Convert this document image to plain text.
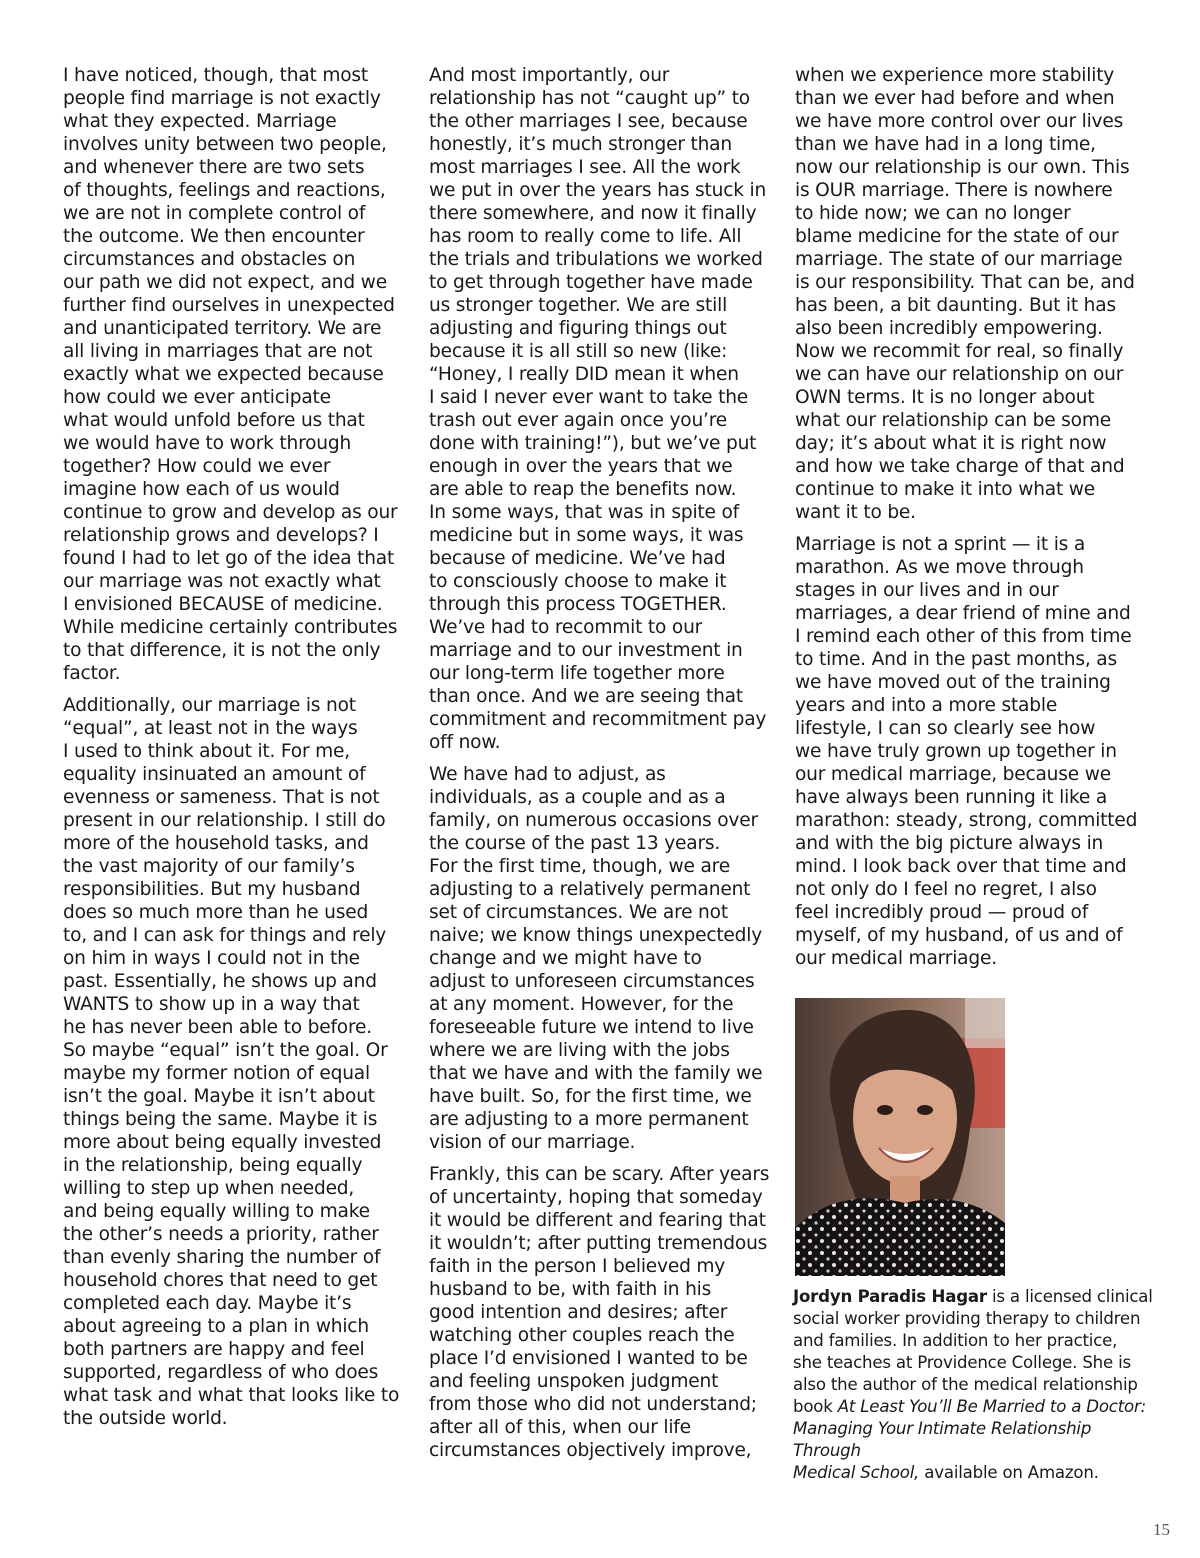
I have noticed, though, that most
people find marriage is not exactly
what they expected. Marriage
involves unity between two people,
and whenever there are two sets
of thoughts, feelings and reactions,
we are not in complete control of
the outcome. We then encounter
circumstances and obstacles on
our path we did not expect, and we
further find ourselves in unexpected
and unanticipated territory. We are
all living in marriages that are not
exactly what we expected because
how could we ever anticipate
what would unfold before us that
we would have to work through
together? How could we ever
imagine how each of us would
continue to grow and develop as our
relationship grows and develops? I
found I had to let go of the idea that
our marriage was not exactly what
I envisioned BECAUSE of medicine.
While medicine certainly contributes
to that difference, it is not the only
factor.

Additionally, our marriage is not
“equal”, at least not in the ways
I used to think about it. For me,
equality insinuated an amount of
evenness or sameness. That is not
present in our relationship. I still do
more of the household tasks, and
the vast majority of our family’s
responsibilities. But my husband
does so much more than he used
to, and I can ask for things and rely
on him in ways I could not in the
past. Essentially, he shows up and
WANTS to show up in a way that
he has never been able to before.
So maybe “equal” isn’t the goal. Or
maybe my former notion of equal
isn’t the goal. Maybe it isn’t about
things being the same. Maybe it is
more about being equally invested
in the relationship, being equally
willing to step up when needed,
and being equally willing to make
the other’s needs a priority, rather
than evenly sharing the number of
household chores that need to get
completed each day. Maybe it’s
about agreeing to a plan in which
both partners are happy and feel
supported, regardless of who does
what task and what that looks like to
the outside world.

And most importantly, our
relationship has not “caught up” to
the other marriages I see, because
honestly, it’s much stronger than
most marriages I see. All the work
we put in over the years has stuck in
there somewhere, and now it finally
has room to really come to life. All
the trials and tribulations we worked
to get through together have made
us stronger together. We are still
adjusting and figuring things out
because it is all still so new (like:
“Honey, I really DID mean it when
I said I never ever want to take the
trash out ever again once you’re
done with training!”), but we’ve put
enough in over the years that we
are able to reap the benefits now.
In some ways, that was in spite of
medicine but in some ways, it was
because of medicine. We’ve had
to consciously choose to make it
through this process TOGETHER.
We’ve had to recommit to our
marriage and to our investment in
our long-term life together more
than once. And we are seeing that
commitment and recommitment pay
off now.

We have had to adjust, as
individuals, as a couple and as a
family, on numerous occasions over
the course of the past 13 years.
For the first time, though, we are
adjusting to a relatively permanent
set of circumstances. We are not
naive; we know things unexpectedly
change and we might have to
adjust to unforeseen circumstances
at any moment. However, for the
foreseeable future we intend to live
where we are living with the jobs
that we have and with the family we
have built. So, for the first time, we
are adjusting to a more permanent
vision of our marriage.

Frankly, this can be scary. After years
of uncertainty, hoping that someday
it would be different and fearing that
it wouldn’t; after putting tremendous
faith in the person I believed my
husband to be, with faith in his
good intention and desires; after
watching other couples reach the
place I’d envisioned I wanted to be
and feeling unspoken judgment
from those who did not understand;
after all of this, when our life
circumstances objectively improve,

when we experience more stability
than we ever had before and when
we have more control over our lives
than we have had in a long time,
now our relationship is our own. This
is OUR marriage. There is nowhere
to hide now; we can no longer
blame medicine for the state of our
marriage. The state of our marriage
is our responsibility. That can be, and
has been, a bit daunting. But it has
also been incredibly empowering.
Now we recommit for real, so finally
we can have our relationship on our
OWN terms. It is no longer about
what our relationship can be some
day; it’s about what it is right now
and how we take charge of that and
continue to make it into what we
want it to be.

Marriage is not a sprint — it is a
marathon. As we move through
stages in our lives and in our
marriages, a dear friend of mine and
I remind each other of this from time
to time. And in the past months, as
we have moved out of the training
years and into a more stable
lifestyle, I can so clearly see how
we have truly grown up together in
our medical marriage, because we
have always been running it like a
marathon: steady, strong, committed
and with the big picture always in
mind. I look back over that time and
not only do I feel no regret, I also
feel incredibly proud — proud of
myself, of my husband, of us and of
our medical marriage.

Jordyn Paradis Hagar is a licensed clinical
social worker providing therapy to children
and families. In addition to her practice,
she teaches at Providence College. She is
also the author of the medical relationship
book At Least You’ll Be Married to a Doctor:
Managing Your Intimate Relationship Through
Medical School, available on Amazon.
15
